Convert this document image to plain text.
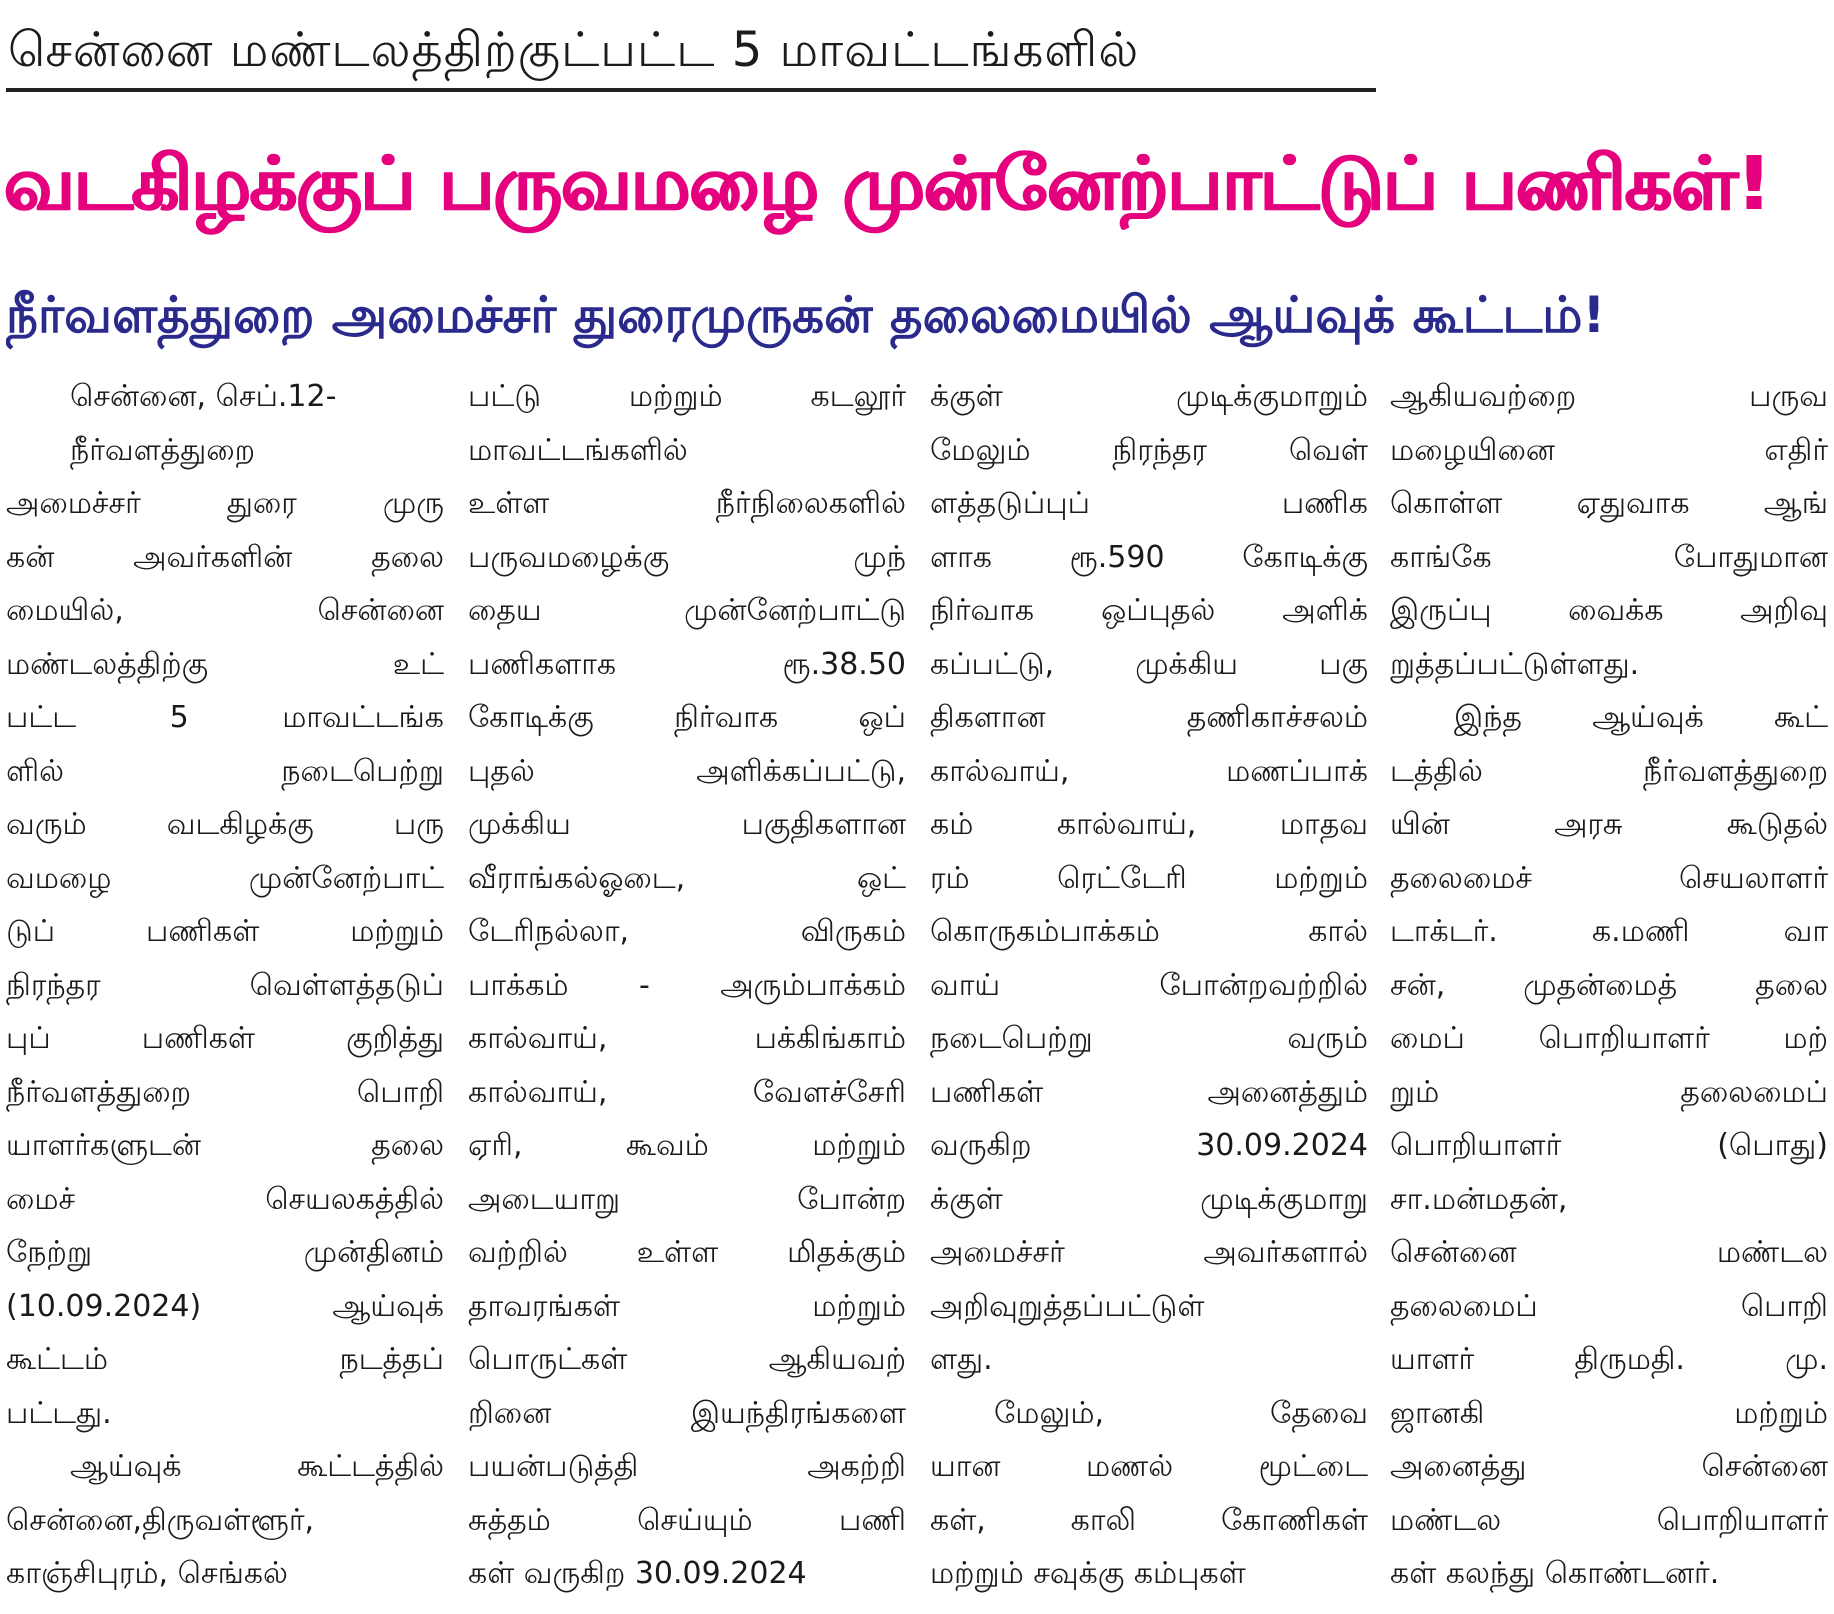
சென்னை மண்டலத்திற்குட்பட்ட 5 மாவட்டங்களில்
வடகிழக்குப் பருவமழை முன்னேற்பாட்டுப் பணிகள்!
நீர்வளத்துறை அமைச்சர் துரைமுருகன் தலைமையில் ஆய்வுக் கூட்டம்!
சென்னை, செப்.12-
நீர்வளத்துறை
அமைச்சர் துரை முரு
கன் அவர்களின் தலை
மையில், சென்னை
மண்டலத்திற்கு உட்
பட்ட 5 மாவட்டங்க
ளில் நடைபெற்று
வரும் வடகிழக்கு பரு
வமழை முன்னேற்பாட்
டுப் பணிகள் மற்றும்
நிரந்தர வெள்ளத்தடுப்
புப் பணிகள் குறித்து
நீர்வளத்துறை பொறி
யாளர்களுடன் தலை
மைச் செயலகத்தில்
நேற்று முன்தினம்
(10.09.2024) ஆய்வுக்
கூட்டம் நடத்தப்
பட்டது.
ஆய்வுக் கூட்டத்தில்
சென்னை,திருவள்ளூர்,
காஞ்சிபுரம், செங்கல்
பட்டு மற்றும் கடலூர்
மாவட்டங்களில்
உள்ள நீர்நிலைகளில்
பருவமழைக்கு முந்
தைய முன்னேற்பாட்டு
பணிகளாக ரூ.38.50
கோடிக்கு நிர்வாக ஒப்
புதல் அளிக்கப்பட்டு,
முக்கிய பகுதிகளான
வீராங்கல்ஓடை, ஒட்
டேரிநல்லா, விருகம்
பாக்கம் - அரும்பாக்கம்
கால்வாய், பக்கிங்காம்
கால்வாய், வேளச்சேரி
ஏரி, கூவம் மற்றும்
அடையாறு போன்ற
வற்றில் உள்ள மிதக்கும்
தாவரங்கள் மற்றும்
பொருட்கள் ஆகியவற்
றினை இயந்திரங்களை
பயன்படுத்தி அகற்றி
சுத்தம் செய்யும் பணி
கள் வருகிற 30.09.2024
க்குள் முடிக்குமாறும்
மேலும் நிரந்தர வெள்
ளத்தடுப்புப் பணிக
ளாக ரூ.590 கோடிக்கு
நிர்வாக ஒப்புதல் அளிக்
கப்பட்டு, முக்கிய பகு
திகளான தணிகாச்சலம்
கால்வாய், மணப்பாக்
கம் கால்வாய், மாதவ
ரம் ரெட்டேரி மற்றும்
கொருகம்பாக்கம் கால்
வாய் போன்றவற்றில்
நடைபெற்று வரும்
பணிகள் அனைத்தும்
வருகிற 30.09.2024
க்குள் முடிக்குமாறு
அமைச்சர் அவர்களால்
அறிவுறுத்தப்பட்டுள்
ளது.
மேலும், தேவை
யான மணல் மூட்டை
கள், காலி கோணிகள்
மற்றும் சவுக்கு கம்புகள்
ஆகியவற்றை பருவ
மழையினை எதிர்
கொள்ள ஏதுவாக ஆங்
காங்கே போதுமான
இருப்பு வைக்க அறிவு
றுத்தப்பட்டுள்ளது.
இந்த ஆய்வுக் கூட்
டத்தில் நீர்வளத்துறை
யின் அரசு கூடுதல்
தலைமைச் செயலாளர்
டாக்டர். க.மணி வா
சன், முதன்மைத் தலை
மைப் பொறியாளர் மற்
றும் தலைமைப்
பொறியாளர் (பொது)
சா.மன்மதன்,
சென்னை மண்டல
தலைமைப் பொறி
யாளர் திருமதி. மு.
ஜானகி மற்றும்
அனைத்து சென்னை
மண்டல பொறியாளர்
கள் கலந்து கொண்டனர்.
